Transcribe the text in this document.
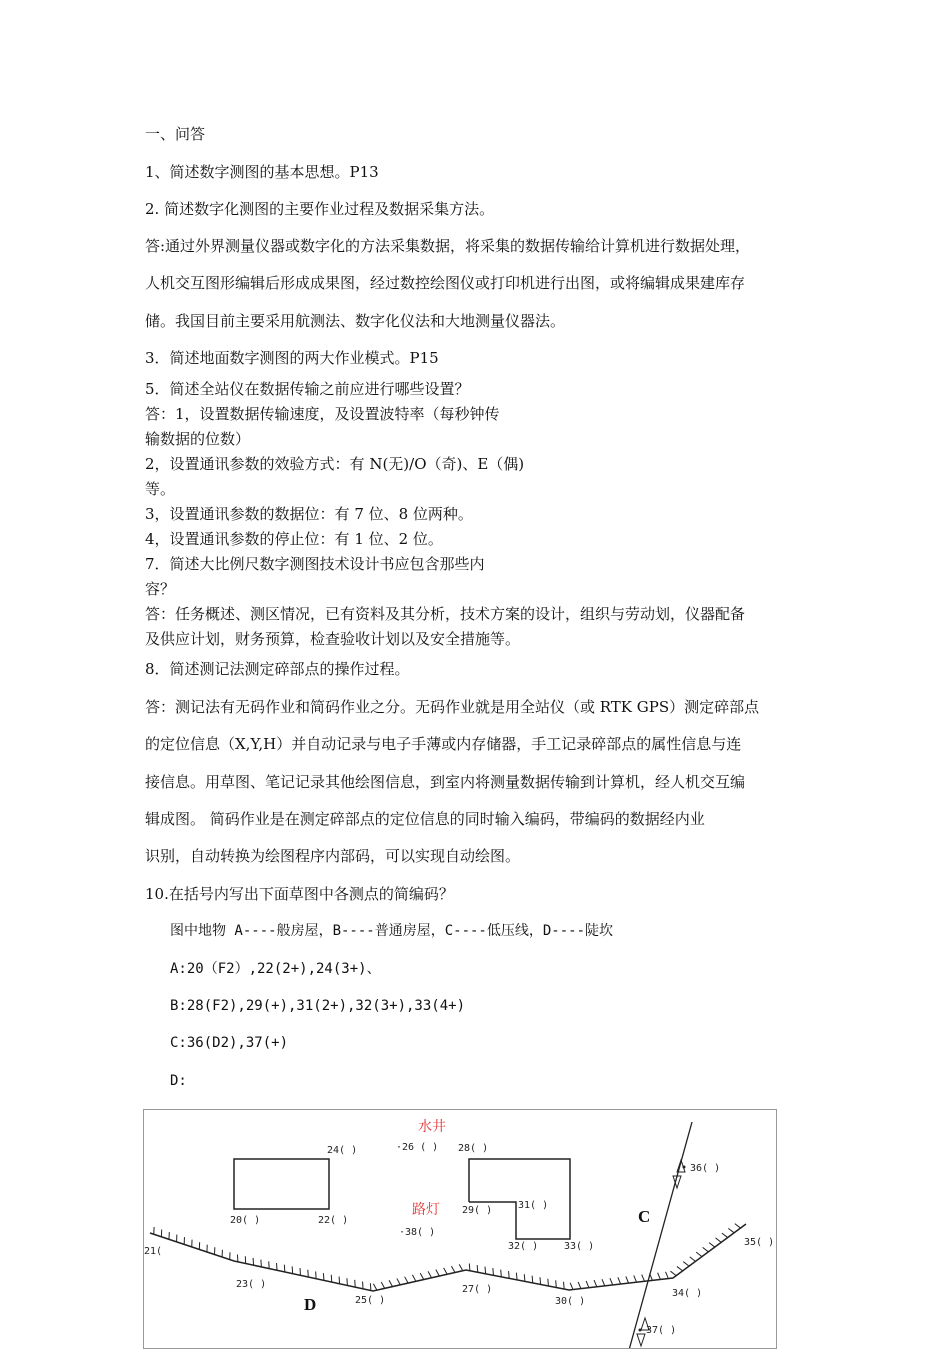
一、问答
1、简述数字测图的基本思想。P13
2. 简述数字化测图的主要作业过程及数据采集方法。
答:通过外界测量仪器或数字化的方法采集数据，将采集的数据传输给计算机进行数据处理，
人机交互图形编辑后形成成果图，经过数控绘图仪或打印机进行出图，或将编辑成果建库存
储。我国目前主要采用航测法、数字化仪法和大地测量仪器法。
3．简述地面数字测图的两大作业模式。P15
5．简述全站仪在数据传输之前应进行哪些设置？
答：1，设置数据传输速度，及设置波特率（每秒钟传
输数据的位数）
2，设置通讯参数的效验方式：有 N(无)/O（奇)、E（偶)
等。
3，设置通讯参数的数据位：有 7 位、8 位两种。
4，设置通讯参数的停止位：有 1 位、2 位。
7．简述大比例尺数字测图技术设计书应包含那些内
容？
答：任务概述、测区情况，已有资料及其分析，技术方案的设计，组织与劳动划，仪器配备
及供应计划，财务预算，检查验收计划以及安全措施等。
8．简述测记法测定碎部点的操作过程。
答：测记法有无码作业和简码作业之分。无码作业就是用全站仪（或 RTK GPS）测定碎部点
的定位信息（X,Y,H）并自动记录与电子手薄或内存储器，手工记录碎部点的属性信息与连
接信息。用草图、笔记记录其他绘图信息，到室内将测量数据传输到计算机，经人机交互编
辑成图。 简码作业是在测定碎部点的定位信息的同时输入编码，带编码的数据经内业
识别，自动转换为绘图程序内部码，可以实现自动绘图。
10.在括号内写出下面草图中各测点的简编码？
图中地物 A----般房屋，B----普通房屋，C----低压线，D----陡坎
A:20（F2）,22(2+),24(3+)、
B:28(F2),29(+),31(2+),32(3+),33(4+)
C:36(D2),37(+)
D:
水井
路灯	C
D
20( )
21(
22( )
23( )
24( )
25( )
·26 ( )
27( )
28( )
29( )
30( )
31( )
32( )	33( )
34( )
35( )
36( )
37( )
·38( )
